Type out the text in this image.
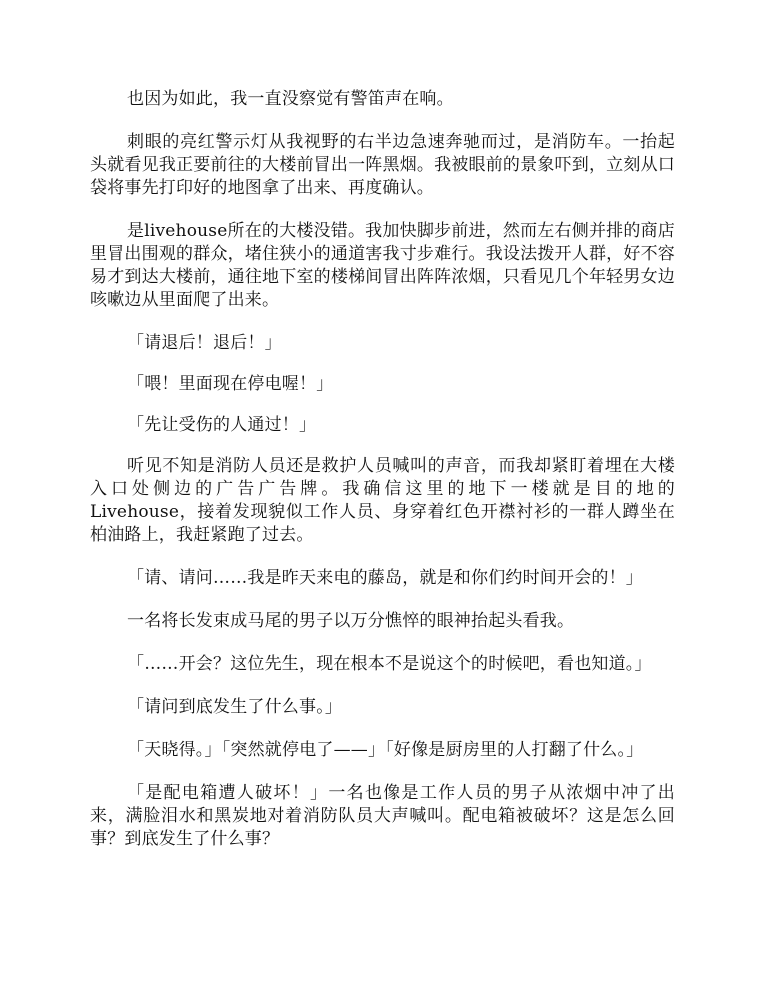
也因为如此，我一直没察觉有警笛声在响。

刺眼的亮红警示灯从我视野的右半边急速奔驰而过，是消防车。一抬起头就看见我正要前往的大楼前冒出一阵黑烟。我被眼前的景象吓到，立刻从口袋将事先打印好的地图拿了出来、再度确认。

是livehouse所在的大楼没错。我加快脚步前进，然而左右侧并排的商店里冒出围观的群众，堵住狭小的通道害我寸步难行。我设法拨开人群，好不容易才到达大楼前，通往地下室的楼梯间冒出阵阵浓烟，只看见几个年轻男女边咳嗽边从里面爬了出来。

「请退后！退后！」

「喂！里面现在停电喔！」

「先让受伤的人通过！」

听见不知是消防人员还是救护人员喊叫的声音，而我却紧盯着埋在大楼入口处侧边的广告广告牌。我确信这里的地下一楼就是目的地的Livehouse，接着发现貌似工作人员、身穿着红色开襟衬衫的一群人蹲坐在柏油路上，我赶紧跑了过去。

「请、请问……我是昨天来电的藤岛，就是和你们约时间开会的！」

一名将长发束成马尾的男子以万分憔悴的眼神抬起头看我。

「……开会？这位先生，现在根本不是说这个的时候吧，看也知道。」

「请问到底发生了什么事。」

「天晓得。」「突然就停电了——」「好像是厨房里的人打翻了什么。」

「是配电箱遭人破坏！」一名也像是工作人员的男子从浓烟中冲了出来，满脸泪水和黑炭地对着消防队员大声喊叫。配电箱被破坏？这是怎么回事？到底发生了什么事？
